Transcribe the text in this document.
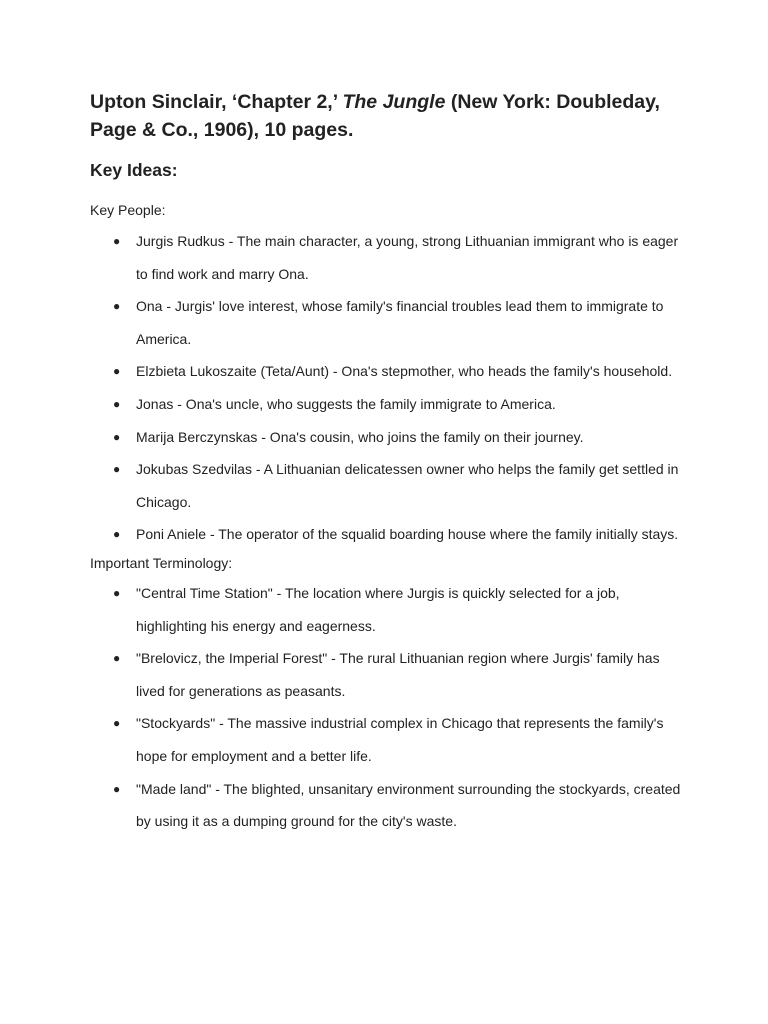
Upton Sinclair, ‘Chapter 2,’ The Jungle (New York: Doubleday, Page & Co., 1906), 10 pages.
Key Ideas:

Key People:

● Jurgis Rudkus - The main character, a young, strong Lithuanian immigrant who is eager to find work and marry Ona.
● Ona - Jurgis' love interest, whose family's financial troubles lead them to immigrate to America.
● Elzbieta Lukoszaite (Teta/Aunt) - Ona's stepmother, who heads the family's household.
● Jonas - Ona's uncle, who suggests the family immigrate to America.
● Marija Berczynskas - Ona's cousin, who joins the family on their journey.
● Jokubas Szedvilas - A Lithuanian delicatessen owner who helps the family get settled in Chicago.
● Poni Aniele - The operator of the squalid boarding house where the family initially stays.

Important Terminology:

● "Central Time Station" - The location where Jurgis is quickly selected for a job, highlighting his energy and eagerness.
● "Brelovicz, the Imperial Forest" - The rural Lithuanian region where Jurgis' family has lived for generations as peasants.
● "Stockyards" - The massive industrial complex in Chicago that represents the family's hope for employment and a better life.
● "Made land" - The blighted, unsanitary environment surrounding the stockyards, created by using it as a dumping ground for the city's waste.
